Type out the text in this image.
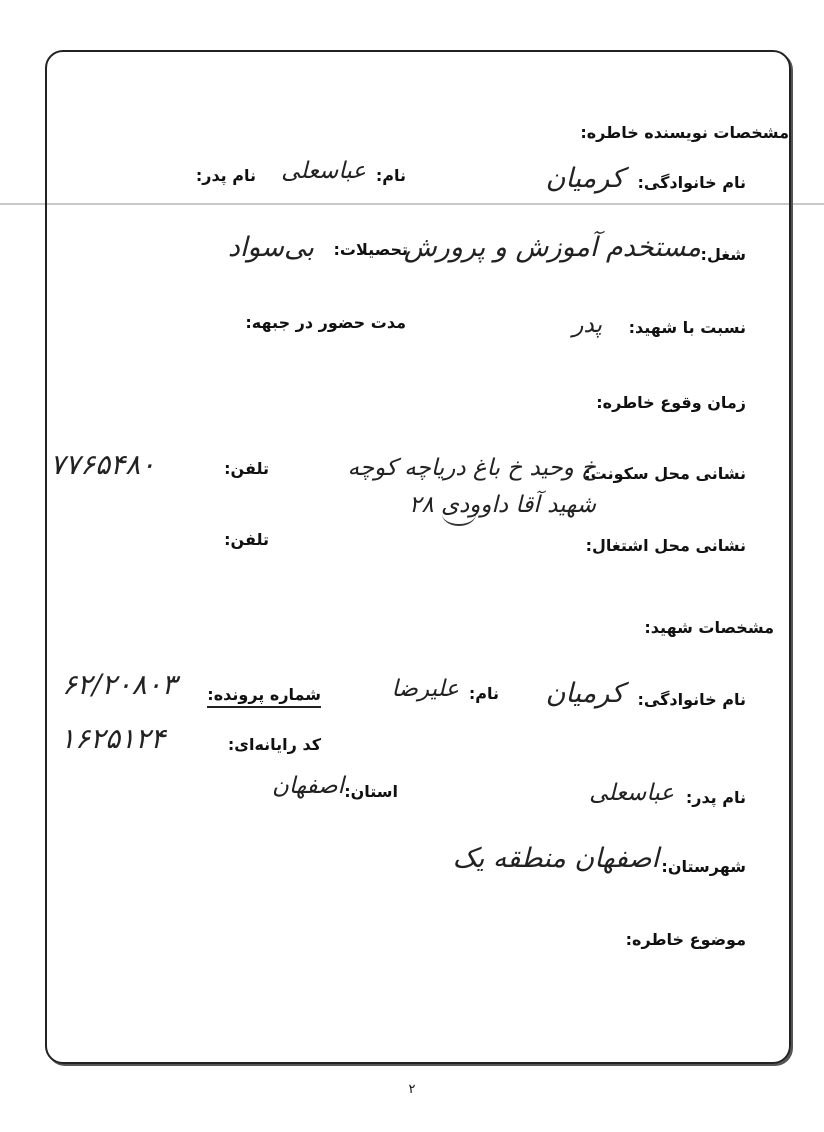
مشخصات نویسنده خاطره:
نام خانوادگی:
کرمیان
نام:
عباسعلی
نام پدر:
شغل:
مستخدم آموزش و پرورش
تحصیلات:
بی‌سواد
نسبت با شهید:
پدر
مدت حضور در جبهه:
زمان وقوع خاطره:
نشانی محل سکونت:
خ وحید خ باغ دریاچه کوچه
شهید آقا داوودی ۲۸
تلفن:
۷۷۶۵۴۸۰
نشانی محل اشتغال:
تلفن:
مشخصات شهید:
نام خانوادگی:
کرمیان
نام:
علیرضا
شماره پرونده:
۶۲/۲۰۸۰۳
کد رایانه‌ای:
۱۶۲۵۱۲۴
نام پدر:
عباسعلی
استان:
اصفهان
شهرستان:
اصفهان منطقه یک
موضوع خاطره:
۲
